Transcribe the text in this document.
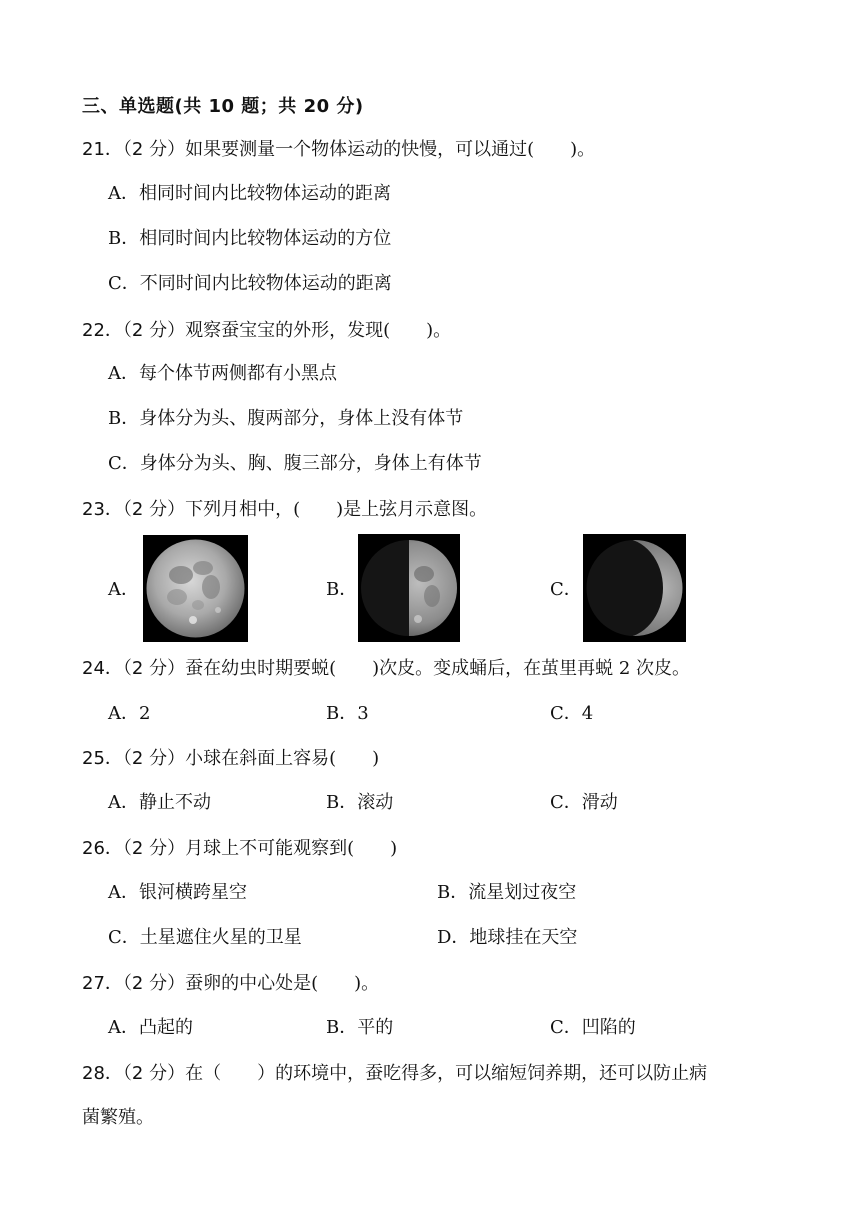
三、单选题(共 10 题；共 20 分)
21．（2 分）如果要测量一个物体运动的快慢，可以通过(　　)。
A．相同时间内比较物体运动的距离
B．相同时间内比较物体运动的方位
C．不同时间内比较物体运动的距离
22．（2 分）观察蚕宝宝的外形，发现(　　)。
A．每个体节两侧都有小黑点
B．身体分为头、腹两部分，身体上没有体节
C．身体分为头、胸、腹三部分，身体上有体节
23．（2 分）下列月相中，(　　)是上弦月示意图。
A．	B．	C．
24．（2 分）蚕在幼虫时期要蜕(　　)次皮。变成蛹后，在茧里再蜕 2 次皮。
A．2	B．3	C．4
25．（2 分）小球在斜面上容易(　　)
A．静止不动	B．滚动	C．滑动
26．（2 分）月球上不可能观察到(　　)
A．银河横跨星空	B．流星划过夜空
C．土星遮住火星的卫星	D．地球挂在天空
27．（2 分）蚕卵的中心处是(　　)。
A．凸起的	B．平的	C．凹陷的
28．（2 分）在（　　）的环境中，蚕吃得多，可以缩短饲养期，还可以防止病
菌繁殖。
